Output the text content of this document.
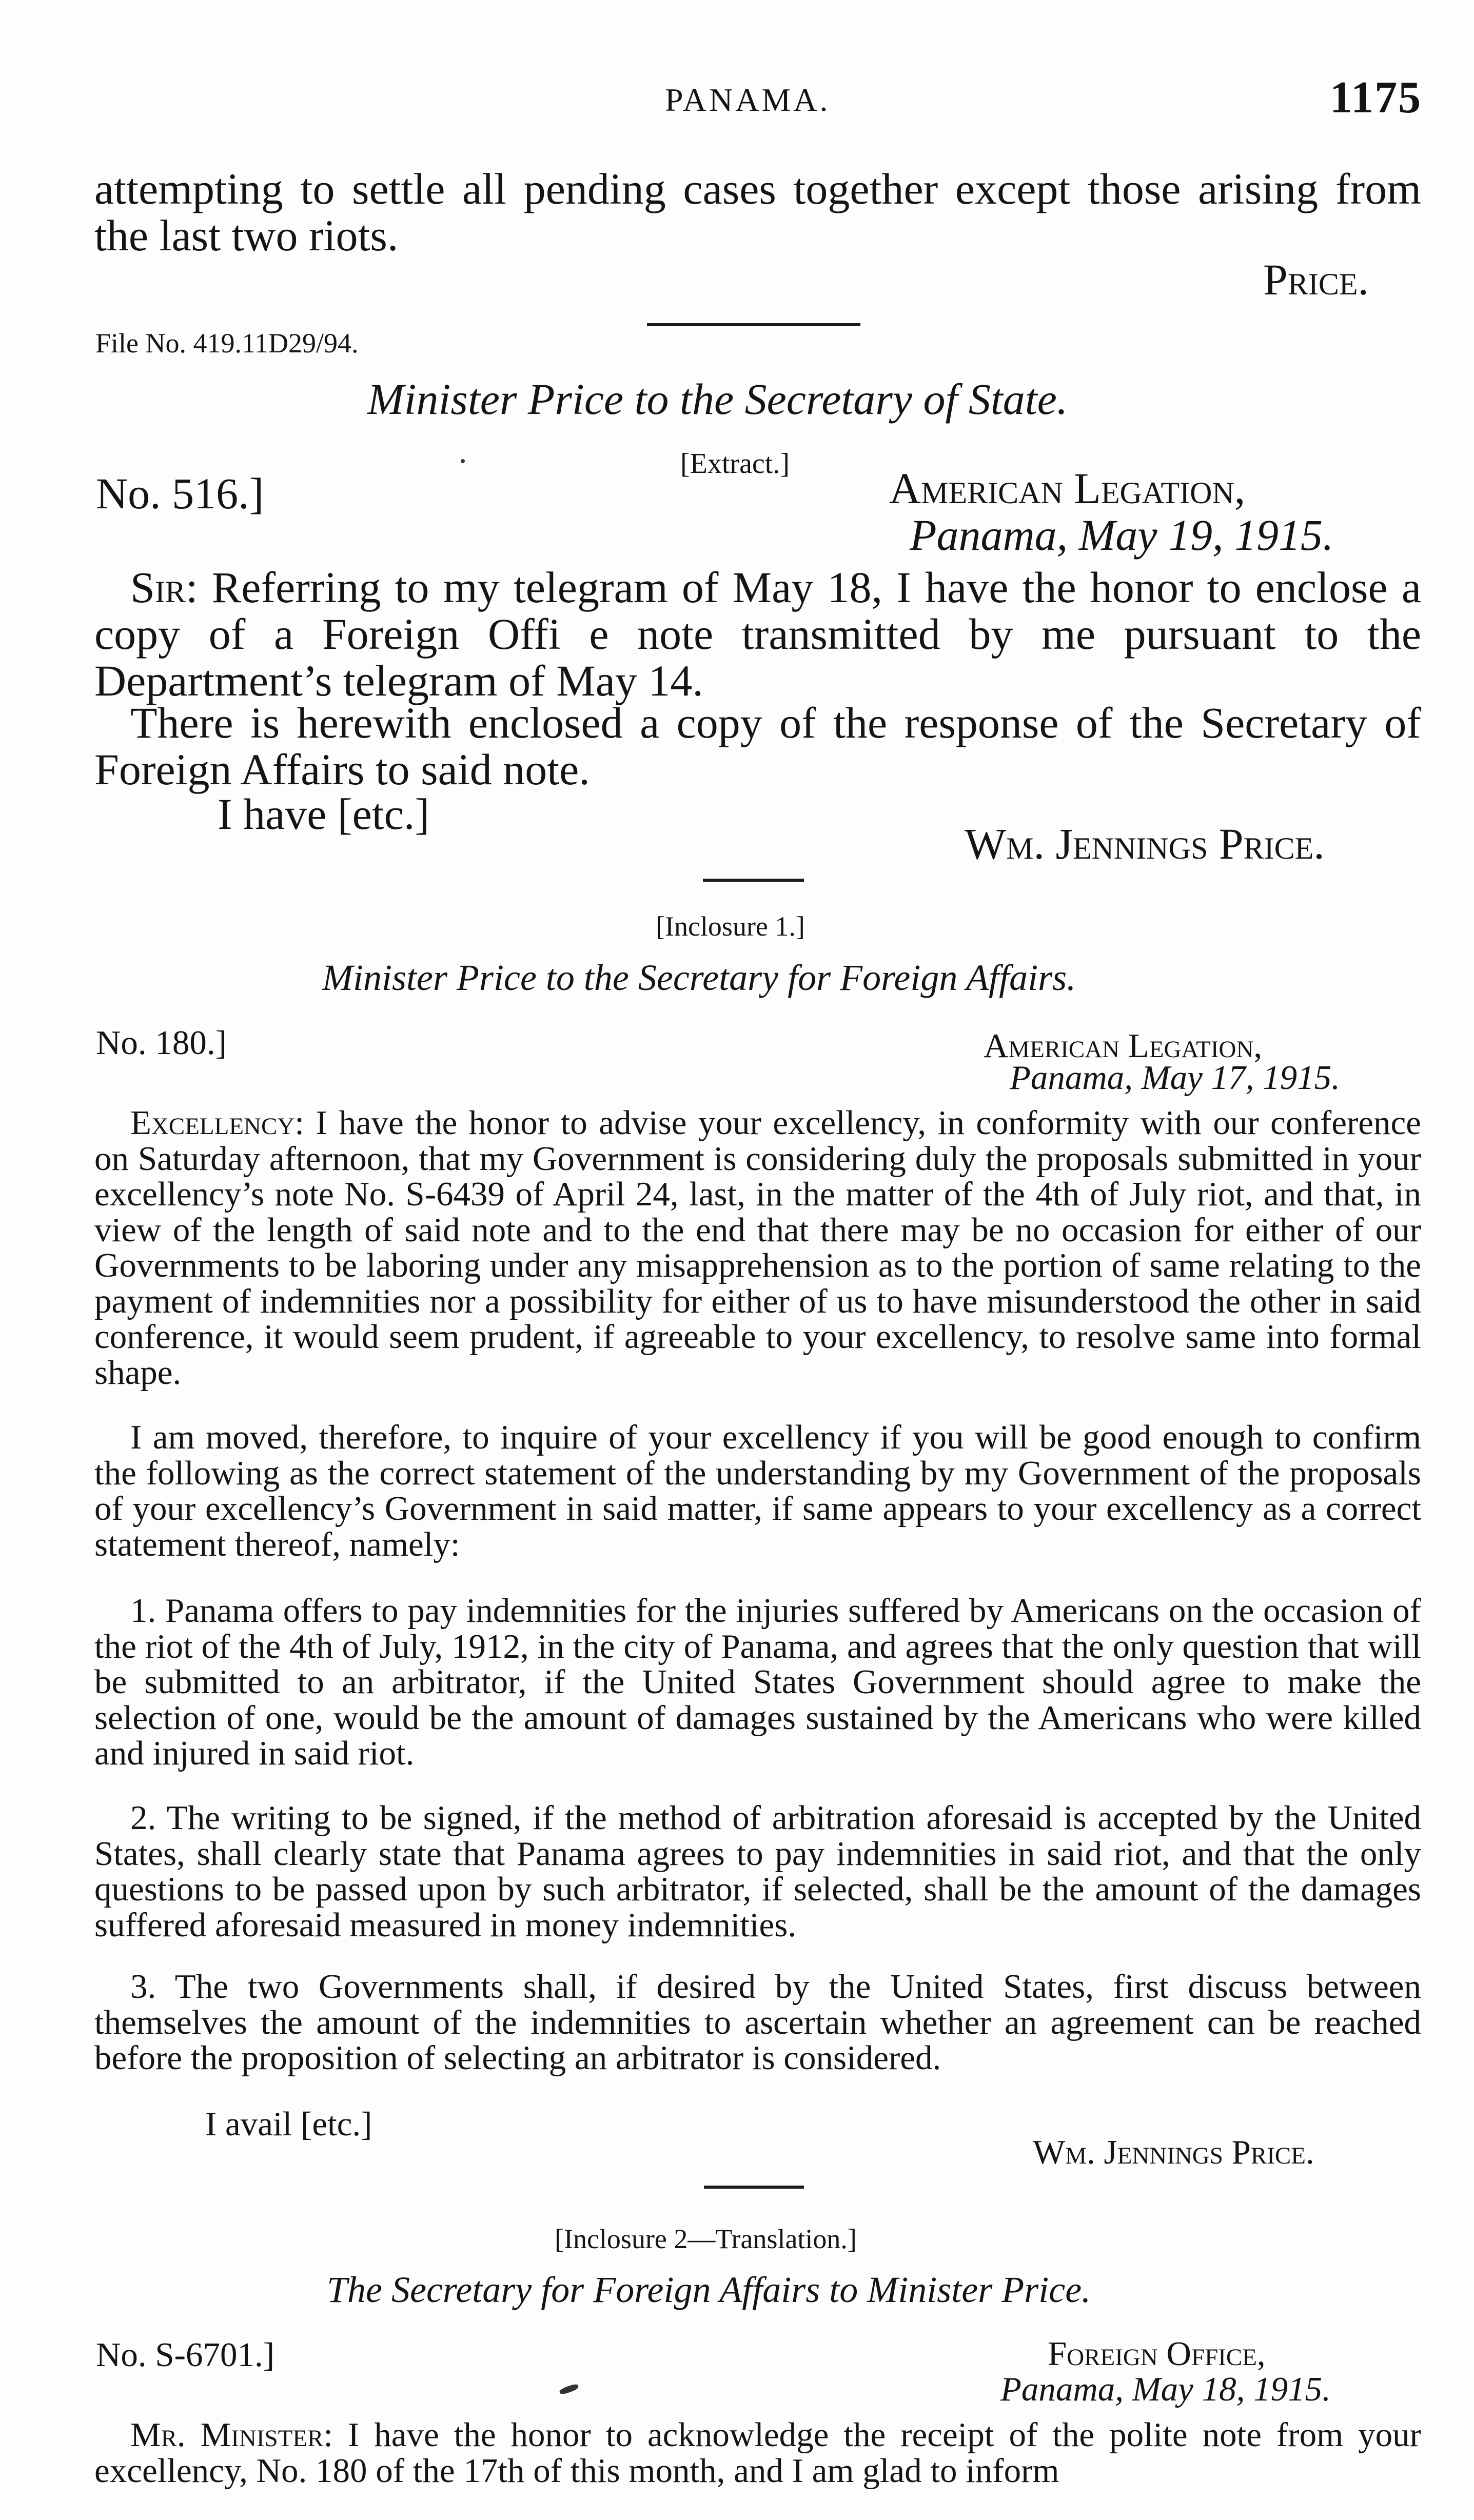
PANAMA.	1175

attempting to settle all pending cases together except those arising from the last two riots.

Price.
File No. 419.11D29/94.
Minister Price to the Secretary of State.
[Extract.]
No. 516.]	American Legation,
Panama, May 19, 1915.

Sir: Referring to my telegram of May 18, I have the honor to enclose a copy of a Foreign Offi e note transmitted by me pursuant to the Department’s telegram of May 14.

There is herewith enclosed a copy of the response of the Secretary of Foreign Affairs to said note.

I have [etc.]
Wm. Jennings Price.
[Inclosure 1.]
Minister Price to the Secretary for Foreign Affairs.
No. 180.]	American Legation,
Panama, May 17, 1915.

Excellency: I have the honor to advise your excellency, in conformity with our conference on Saturday afternoon, that my Government is considering duly the proposals submitted in your excellency’s note No. S-6439 of April 24, last, in the matter of the 4th of July riot, and that, in view of the length of said note and to the end that there may be no occasion for either of our Governments to be laboring under any misapprehension as to the portion of same relating to the payment of indemnities nor a possibility for either of us to have misunderstood the other in said conference, it would seem prudent, if agreeable to your excellency, to resolve same into formal shape.

I am moved, therefore, to inquire of your excellency if you will be good enough to confirm the following as the correct statement of the understanding by my Government of the proposals of your excellency’s Government in said matter, if same appears to your excellency as a correct statement thereof, namely:

1. Panama offers to pay indemnities for the injuries suffered by Americans on the occasion of the riot of the 4th of July, 1912, in the city of Panama, and agrees that the only question that will be submitted to an arbitrator, if the United States Government should agree to make the selection of one, would be the amount of damages sustained by the Americans who were killed and injured in said riot.

2. The writing to be signed, if the method of arbitration aforesaid is accepted by the United States, shall clearly state that Panama agrees to pay indemnities in said riot, and that the only questions to be passed upon by such arbitrator, if selected, shall be the amount of the damages suffered aforesaid measured in money indemnities.

3. The two Governments shall, if desired by the United States, first discuss between themselves the amount of the indemnities to ascertain whether an agreement can be reached before the proposition of selecting an arbitrator is considered.

I avail [etc.]
Wm. Jennings Price.
[Inclosure 2—Translation.]
The Secretary for Foreign Affairs to Minister Price.
No. S-6701.]	Foreign Office,
Panama, May 18, 1915.

Mr. Minister: I have the honor to acknowledge the receipt of the polite note from your excellency, No. 180 of the 17th of this month, and I am glad to inform
